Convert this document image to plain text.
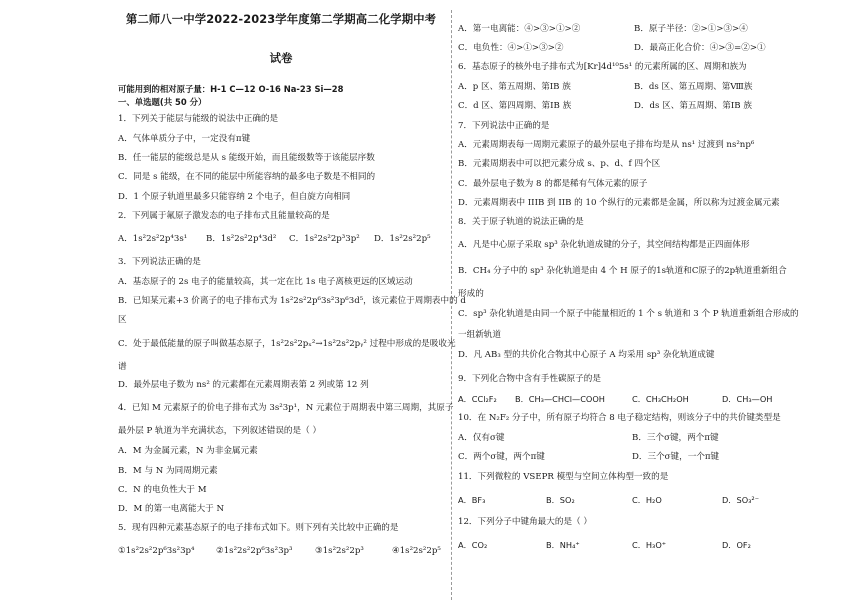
第二师八一中学2022-2023学年度第二学期高二化学期中考
试卷
可能用到的相对原子量：H-1 C—12 O-16 Na-23 Si—28
一、单选题(共 50 分）
1．下列关于能层与能级的说法中正确的是
A．气体单质分子中，一定没有π键
B．任一能层的能级总是从 s 能级开始，而且能级数等于该能层序数
C．同是 s 能级，在不同的能层中所能容纳的最多电子数是不相同的
D．1 个原子轨道里最多只能容纳 2 个电子，但自旋方向相同
2．下列属于氟原子激发态的电子排布式且能量较高的是
A．1s²2s²2p⁴3s¹ B．1s²2s²2p⁴3d² C．1s²2s²2p³3p² D．1s²2s²2p⁵
3．下列说法正确的是
A．基态原子的 2s 电子的能量较高，其一定在比 1s 电子离核更远的区域运动
B．已知某元素+3 价离子的电子排布式为 1s²2s²2p⁶3s²3p⁶3d⁵，该元素位于周期表中的 d
区
C．处于最低能量的原子叫做基态原子，1s²2s²2pₓ²→1s²2s²2pᵧ² 过程中形成的是吸收光
谱
D．最外层电子数为 ns² 的元素都在元素周期表第 2 列或第 12 列
4．已知 M 元素原子的价电子排布式为 3s²3p¹，N 元素位于周期表中第三周期，其原子
最外层 P 轨道为半充满状态，下列叙述错误的是（ ）
A．M 为金属元素，N 为非金属元素
B．M 与 N 为同周期元素
C．N 的电负性大于 M
D．M 的第一电离能大于 N
5．现有四种元素基态原子的电子排布式如下。则下列有关比较中正确的是
①1s²2s²2p⁶3s²3p⁴ ②1s²2s²2p⁶3s²3p³	③1s²2s²2p³	④1s²2s²2p⁵
A．第一电离能：④>③>①>②	B．原子半径：②>①>③>④
C．电负性：④>①>③>②	D．最高正化合价：④>③=②>①
6．基态原子的核外电子排布式为[Kr]4d¹⁰5s¹ 的元素所属的区、周期和族为
A．p 区、第五周期、第ⅠB 族	B．ds 区、第五周期、第Ⅷ族
C．d 区、第四周期、第ⅠB 族	D．ds 区、第五周期、第ⅠB 族
7．下列说法中正确的是
A．元素周期表每一周期元素原子的最外层电子排布均是从 ns¹ 过渡到 ns²np⁶
B．元素周期表中可以把元素分成 s、p、d、f 四个区
C．最外层电子数为 8 的都是稀有气体元素的原子
D．元素周期表中 IIIB 到 IIB 的 10 个纵行的元素都是金属，所以称为过渡金属元素
8．关于原子轨道的说法正确的是
A．凡是中心原子采取 sp³ 杂化轨道成键的分子，其空间结构都是正四面体形
B．CH₄ 分子中的 sp³ 杂化轨道是由 4 个 H 原子的1s轨道和C原子的2p轨道重新组合
形成的
C．sp³ 杂化轨道是由同一个原子中能量相近的 1 个 s 轨道和 3 个 P 轨道重新组合形成的
一组新轨道
D．凡 AB₃ 型的共价化合物其中心原子 A 均采用 sp³ 杂化轨道成键
9．下列化合物中含有手性碳原子的是
A．CCl₂F₂ B．CH₃—CHCl—COOH	C．CH₃CH₂OH	D．CH₃—OH
10．在 N₂F₂ 分子中，所有原子均符合 8 电子稳定结构，则该分子中的共价键类型是
A．仅有σ键	B．三个σ键，两个π键
C．两个σ键，两个π键	D．三个σ键，一个π键
11．下列微粒的 VSEPR 模型与空间立体构型一致的是
A．BF₃	B．SO₂	C．H₂O	D．SO₃²⁻
12．下列分子中键角最大的是（ ）
A．CO₂	B．NH₄⁺	C．H₃O⁺	D．OF₂
